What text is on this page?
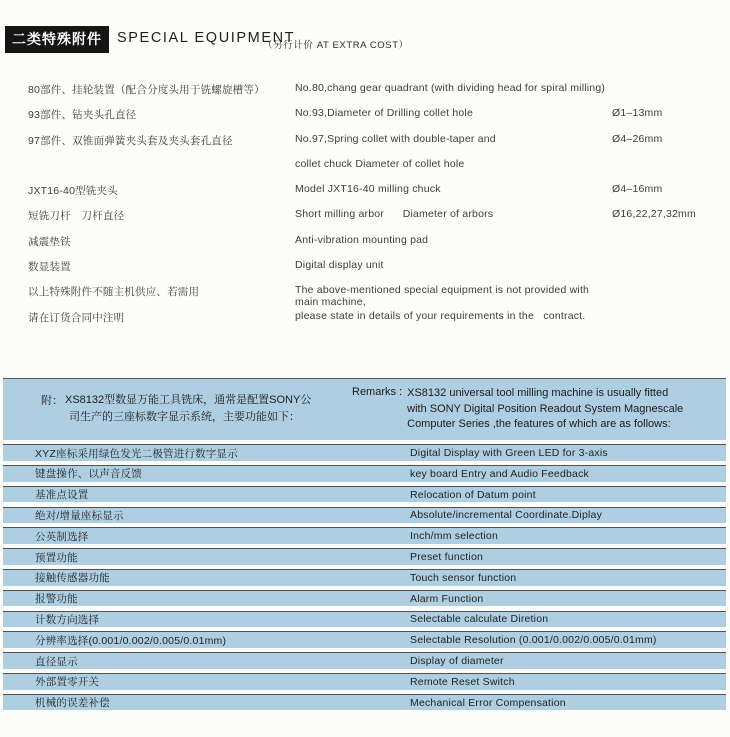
二类特殊附件	SPECIAL EQUIPMENT
（另行计价 AT EXTRA COST）
80部件、挂轮装置（配合分度头用于铣螺旋槽等）	No.80,chang gear quadrant (with dividing head for spiral milling)
93部件、钻夹头孔直径	No.93,Diameter of Drilling collet hole	Ø1–13mm
97部件、双锥面弹簧夹头套及夹头套孔直径	No.97,Spring collet with double-taper and	Ø4–26mm
collet chuck Diameter of collet hole
JXT16-40型铣夹头	Model JXT16-40 milling chuck	Ø4–16mm
短铣刀杆　刀杆直径	Short milling arbor      Diameter of arbors	Ø16,22,27,32mm
减震垫铁	Anti-vibration mounting pad
数显装置	Digital display unit
以上特殊附件不随主机供应、若需用	The above-mentioned special equipment is not provided with main machine,
请在订货合同中注明	please state in details of your requirements in the   contract.
附： XS8132型数显万能工具铣床，通常是配置SONY公
司生产的三座标数字显示系统，主要功能如下：
Remarks : XS8132 universal tool milling machine is usually fitted
with SONY Digital Position Readout System Magnescale
Computer Series ,the features of which are as follows:
XYZ座标采用绿色发光二极管进行数字显示	Digital Display with Green LED for 3-axis
键盘操作、以声音反馈	key board Entry and Audio Feedback
基准点设置	Relocation of Datum point
绝对/增量座标显示	Absolute/incremental Coordinate.Diplay
公英制选择	Inch/mm selection
预置功能	Preset function
接触传感器功能	Touch sensor function
报警功能	Alarm Function
计数方向选择	Selectable calculate Diretion
分辨率选择(0.001/0.002/0.005/0.01mm)	Selectable Resolution (0.001/0.002/0.005/0.01mm)
直径显示	Display of diameter
外部置零开关	Remote Reset Switch
机械的误差补偿	Mechanical Error Compensation
